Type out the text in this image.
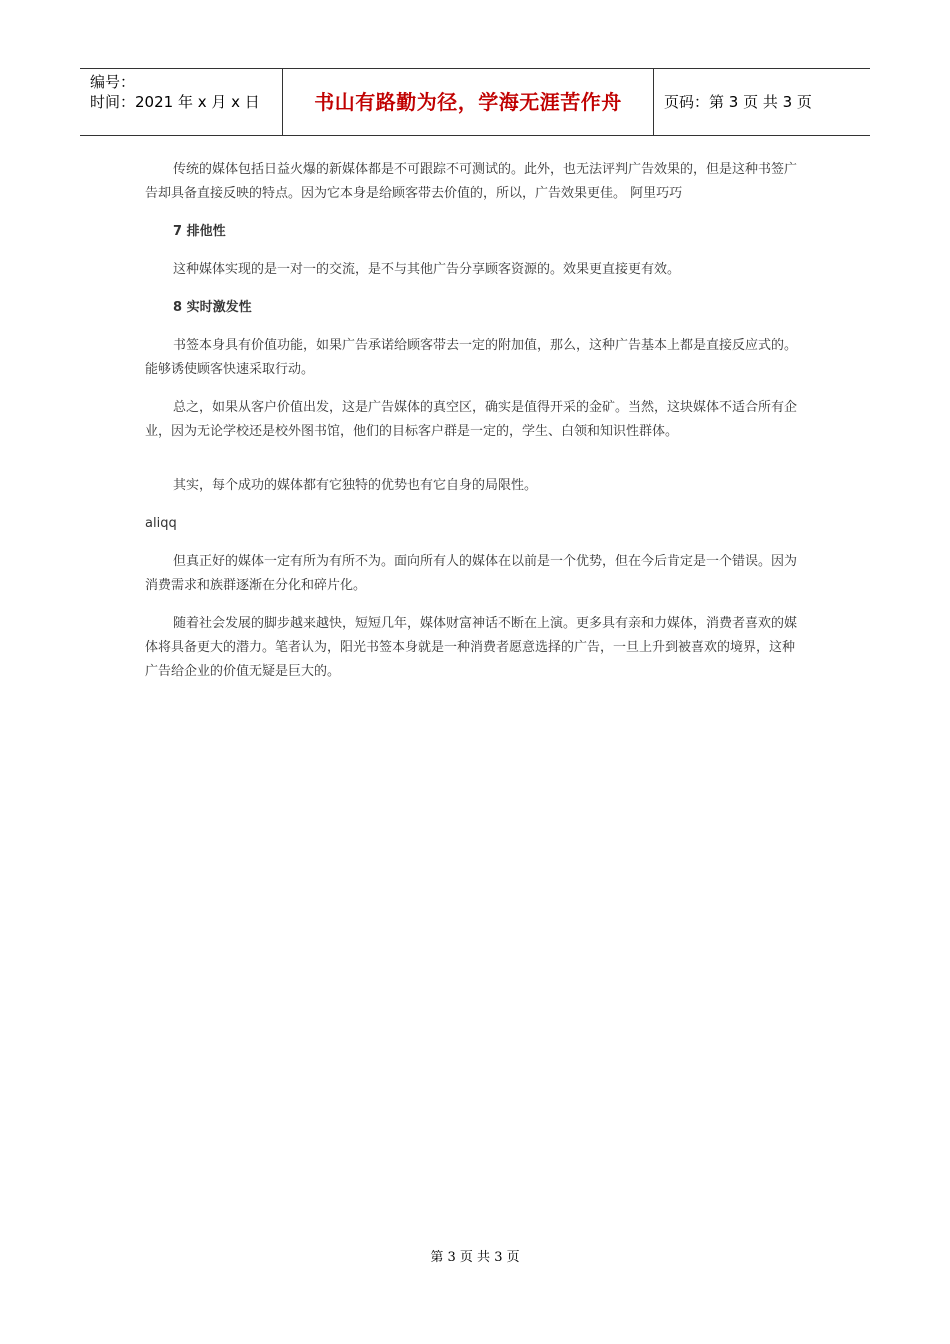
编号：
时间：2021 年 x 月 x 日	书山有路勤为径，学海无涯苦作舟	页码：第 3 页 共 3 页

传统的媒体包括日益火爆的新媒体都是不可跟踪不可测试的。此外，也无法评判广告效果的，但是这种书签广告却具备直接反映的特点。因为它本身是给顾客带去价值的，所以，广告效果更佳。 阿里巧巧

7 排他性

这种媒体实现的是一对一的交流，是不与其他广告分享顾客资源的。效果更直接更有效。

8 实时激发性

书签本身具有价值功能，如果广告承诺给顾客带去一定的附加值，那么，这种广告基本上都是直接反应式的。能够诱使顾客快速采取行动。

总之，如果从客户价值出发，这是广告媒体的真空区，确实是值得开采的金矿。当然，这块媒体不适合所有企业，因为无论学校还是校外图书馆，他们的目标客户群是一定的，学生、白领和知识性群体。

其实，每个成功的媒体都有它独特的优势也有它自身的局限性。

aliqq

但真正好的媒体一定有所为有所不为。面向所有人的媒体在以前是一个优势，但在今后肯定是一个错误。因为消费需求和族群逐渐在分化和碎片化。

随着社会发展的脚步越来越快，短短几年，媒体财富神话不断在上演。更多具有亲和力媒体，消费者喜欢的媒体将具备更大的潜力。笔者认为，阳光书签本身就是一种消费者愿意选择的广告，一旦上升到被喜欢的境界，这种广告给企业的价值无疑是巨大的。

第 3 页 共 3 页
